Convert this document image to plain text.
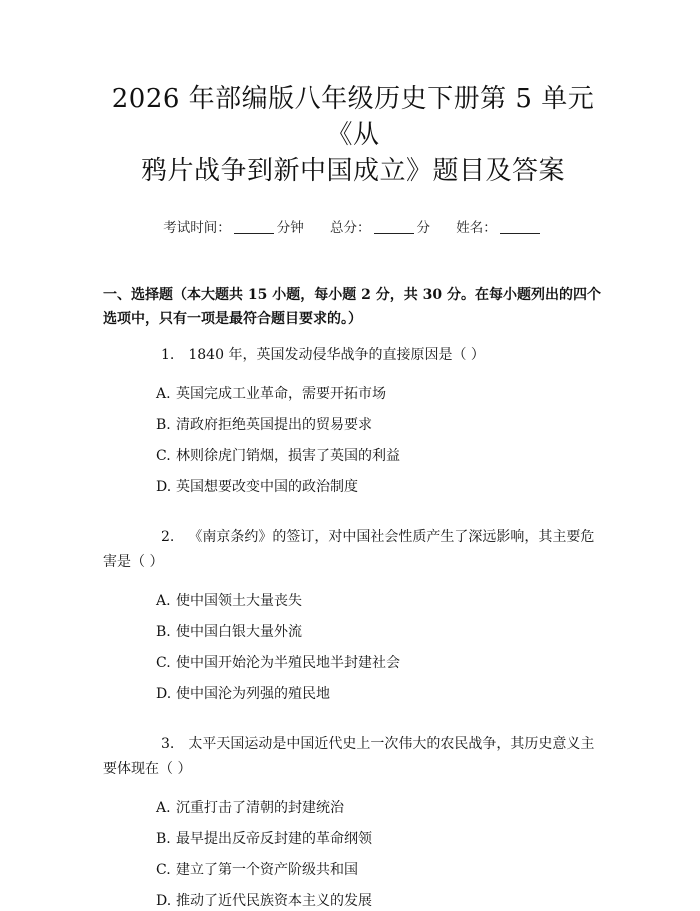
2026 年部编版八年级历史下册第 5 单元《从
鸦片战争到新中国成立》题目及答案
考试时间：	分钟 总分：	分 姓名：
一、选择题（本大题共 15 小题，每小题 2 分，共 30 分。在每小题列出的四个选项中，只有一项是最符合题目要求的。）
1. 1840 年，英国发动侵华战争的直接原因是（ ）
A. 英国完成工业革命，需要开拓市场
B. 清政府拒绝英国提出的贸易要求
C. 林则徐虎门销烟，损害了英国的利益
D. 英国想要改变中国的政治制度
2. 《南京条约》的签订，对中国社会性质产生了深远影响，其主要危害是（ ）
A. 使中国领土大量丧失
B. 使中国白银大量外流
C. 使中国开始沦为半殖民地半封建社会
D. 使中国沦为列强的殖民地
3. 太平天国运动是中国近代史上一次伟大的农民战争，其历史意义主要体现在（ ）
A. 沉重打击了清朝的封建统治
B. 最早提出反帝反封建的革命纲领
C. 建立了第一个资产阶级共和国
D. 推动了近代民族资本主义的发展
